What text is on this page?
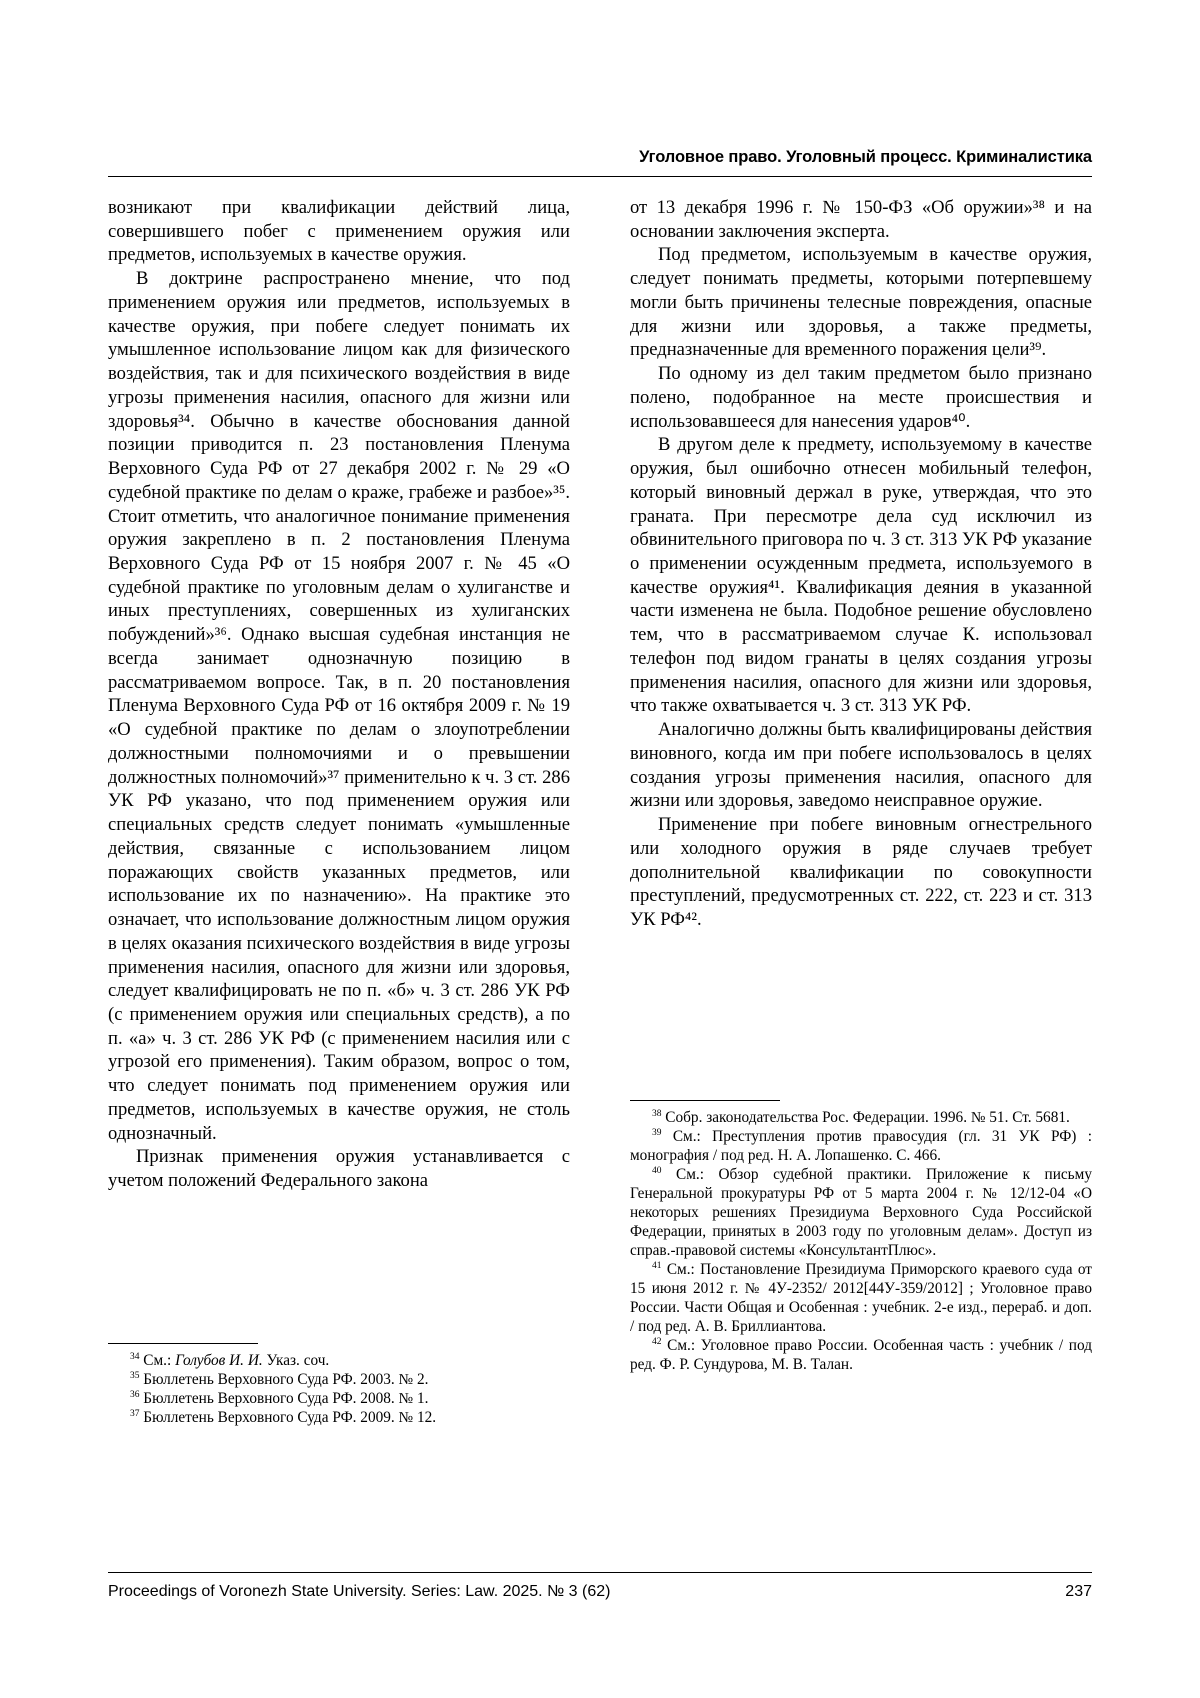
Уголовное право. Уголовный процесс. Криминалистика

возникают при квалификации действий лица, совершившего побег с применением оружия или предметов, используемых в качестве оружия.

В доктрине распространено мнение, что под применением оружия или предметов, используемых в качестве оружия, при побеге следует понимать их умышленное использование лицом как для физического воздействия, так и для психического воздействия в виде угрозы применения насилия, опасного для жизни или здоровья³⁴. Обычно в качестве обоснования данной позиции приводится п. 23 постановления Пленума Верховного Суда РФ от 27 декабря 2002 г. № 29 «О судебной практике по делам о краже, грабеже и разбое»³⁵. Стоит отметить, что аналогичное понимание применения оружия закреплено в п. 2 постановления Пленума Верховного Суда РФ от 15 ноября 2007 г. № 45 «О судебной практике по уголовным делам о хулиганстве и иных преступлениях, совершенных из хулиганских побуждений»³⁶. Однако высшая судебная инстанция не всегда занимает однозначную позицию в рассматриваемом вопросе. Так, в п. 20 постановления Пленума Верховного Суда РФ от 16 октября 2009 г. № 19 «О судебной практике по делам о злоупотреблении должностными полномочиями и о превышении должностных полномочий»³⁷ применительно к ч. 3 ст. 286 УК РФ указано, что под применением оружия или специальных средств следует понимать «умышленные действия, связанные с использованием лицом поражающих свойств указанных предметов, или использование их по назначению». На практике это означает, что использование должностным лицом оружия в целях оказания психического воздействия в виде угрозы применения насилия, опасного для жизни или здоровья, следует квалифицировать не по п. «б» ч. 3 ст. 286 УК РФ (с применением оружия или специальных средств), а по п. «а» ч. 3 ст. 286 УК РФ (с применением насилия или с угрозой его применения). Таким образом, вопрос о том, что следует понимать под применением оружия или предметов, используемых в качестве оружия, не столь однозначный.

Признак применения оружия устанавливается с учетом положений Федерального закона

от 13 декабря 1996 г. № 150-ФЗ «Об оружии»³⁸ и на основании заключения эксперта.

Под предметом, используемым в качестве оружия, следует понимать предметы, которыми потерпевшему могли быть причинены телесные повреждения, опасные для жизни или здоровья, а также предметы, предназначенные для временного поражения цели³⁹.

По одному из дел таким предметом было признано полено, подобранное на месте происшествия и использовавшееся для нанесения ударов⁴⁰.

В другом деле к предмету, используемому в качестве оружия, был ошибочно отнесен мобильный телефон, который виновный держал в руке, утверждая, что это граната. При пересмотре дела суд исключил из обвинительного приговора по ч. 3 ст. 313 УК РФ указание о применении осужденным предмета, используемого в качестве оружия⁴¹. Квалификация деяния в указанной части изменена не была. Подобное решение обусловлено тем, что в рассматриваемом случае К. использовал телефон под видом гранаты в целях создания угрозы применения насилия, опасного для жизни или здоровья, что также охватывается ч. 3 ст. 313 УК РФ.

Аналогично должны быть квалифицированы действия виновного, когда им при побеге использовалось в целях создания угрозы применения насилия, опасного для жизни или здоровья, заведомо неисправное оружие.

Применение при побеге виновным огнестрельного или холодного оружия в ряде случаев требует дополнительной квалификации по совокупности преступлений, предусмотренных ст. 222, ст. 223 и ст. 313 УК РФ⁴².

$^{34}$ См.: Голубов И. И. Указ. соч.

$^{35}$ Бюллетень Верховного Суда РФ. 2003. № 2.

$^{36}$ Бюллетень Верховного Суда РФ. 2008. № 1.

$^{37}$ Бюллетень Верховного Суда РФ. 2009. № 12.

$^{38}$ Собр. законодательства Рос. Федерации. 1996. № 51. Ст. 5681.

$^{39}$ См.: Преступления против правосудия (гл. 31 УК РФ) : монография / под ред. Н. А. Лопашенко. С. 466.

$^{40}$ См.: Обзор судебной практики. Приложение к письму Генеральной прокуратуры РФ от 5 марта 2004 г. № 12/12-04 «О некоторых решениях Президиума Верховного Суда Российской Федерации, принятых в 2003 году по уголовным делам». Доступ из справ.-правовой системы «КонсультантПлюс».

$^{41}$ См.: Постановление Президиума Приморского краевого суда от 15 июня 2012 г. № 4У-2352/ 2012[44У-359/2012] ; Уголовное право России. Части Общая и Особенная : учебник. 2-е изд., перераб. и доп. / под ред. А. В. Бриллиантова.

$^{42}$ См.: Уголовное право России. Особенная часть : учебник / под ред. Ф. Р. Сундурова, М. В. Талан.

Proceedings of Voronezh State University. Series: Law. 2025. № 3 (62)	237
